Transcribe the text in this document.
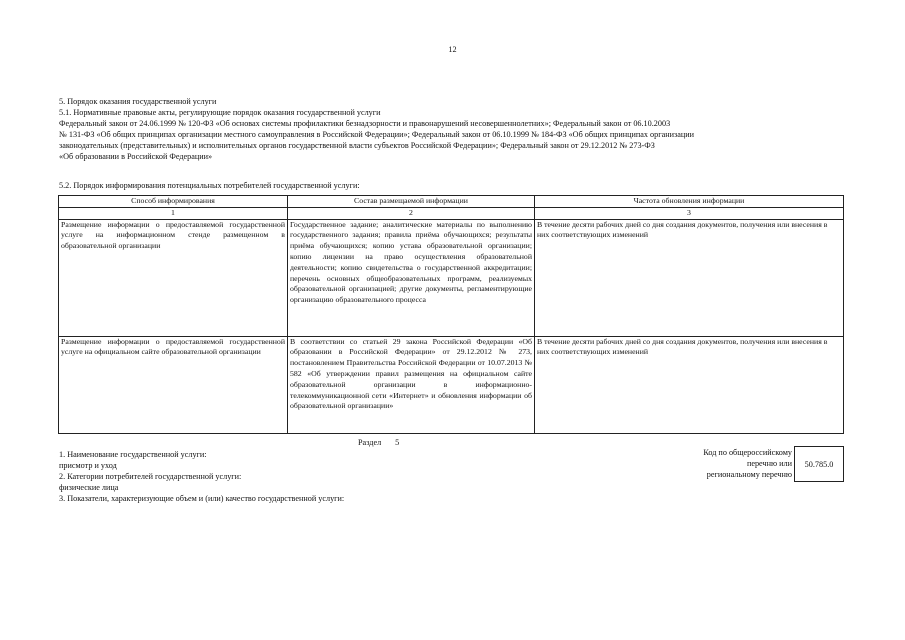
12
5. Порядок оказания государственной услуги
5.1. Нормативные правовые акты, регулирующие порядок оказания государственной услуги
Федеральный закон от 24.06.1999 № 120-ФЗ «Об основах системы профилактики безнадзорности и правонарушений несовершеннолетних»; Федеральный закон от 06.10.2003
№ 131-ФЗ «Об общих принципах организации местного самоуправления в Российской Федерации»; Федеральный закон от 06.10.1999 № 184-ФЗ «Об общих принципах организации
законодательных (представительных) и исполнительных органов государственной власти субъектов Российской Федерации»; Федеральный закон от 29.12.2012 № 273-ФЗ
«Об образовании в Российской Федерации»
5.2. Порядок информирования потенциальных потребителей государственной услуги:
Способ информирования	Состав размещаемой информации	Частота обновления информации
1	2	3
Размещение информации о предоставляемой государственной услуге на информационном стенде размещенном в образовательной организации	Государственное задание; аналитические материалы по выполнению государственного задания; правила приёма обучающихся; результаты приёма обучающихся; копию устава образовательной организации; копию лицензии на право осуществления образовательной деятельности; копию свидетельства о государственной аккредитации; перечень основных общеобразовательных программ, реализуемых образовательной организацией; другие документы, регламентирующие организацию образовательного процесса	В течение десяти рабочих дней со дня создания документов, получения или внесения в них соответствующих изменений
Размещение информации о предоставляемой государственной услуге на официальном сайте образовательной организации	В соответствии со статьей 29 закона Российской Федерации «Об образовании в Российской Федерации» от 29.12.2012 № 273, постановлением Правительства Российской Федерации от 10.07.2013 № 582 «Об утверждении правил размещения на официальном сайте образовательной организации в информационно-телекоммуникационной сети «Интернет» и обновления информации об образовательной организации»	В течение десяти рабочих дней со дня создания документов, получения или внесения в них соответствующих изменений
Раздел 5
1. Наименование государственной услуги:
присмотр и уход
2. Категории потребителей государственной услуги:
физические лица
3. Показатели, характеризующие объем и (или) качество государственной услуги:
Код по общероссийскому
перечню или
региональному перечню
50.785.0
